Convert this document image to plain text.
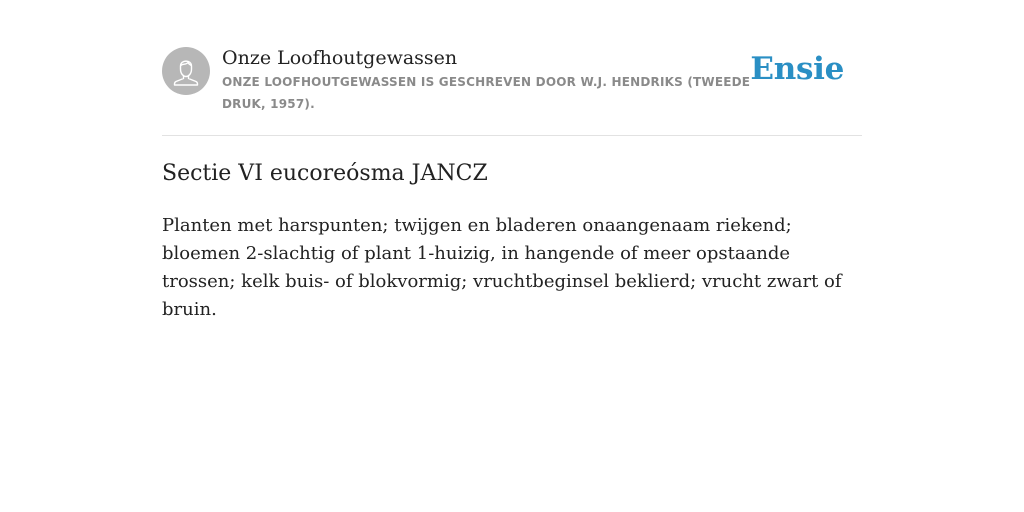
Onze Loofhoutgewassen
ONZE LOOFHOUTGEWASSEN IS GESCHREVEN DOOR W.J. HENDRIKS (TWEEDE DRUK, 1957).
Ensie
Sectie VI eucoreósma JANCZ

Planten met harspunten; twijgen en bladeren onaangenaam riekend; bloemen 2-slachtig of plant 1-huizig, in hangende of meer opstaande trossen; kelk buis- of blokvormig; vruchtbeginsel beklierd; vrucht zwart of bruin.
